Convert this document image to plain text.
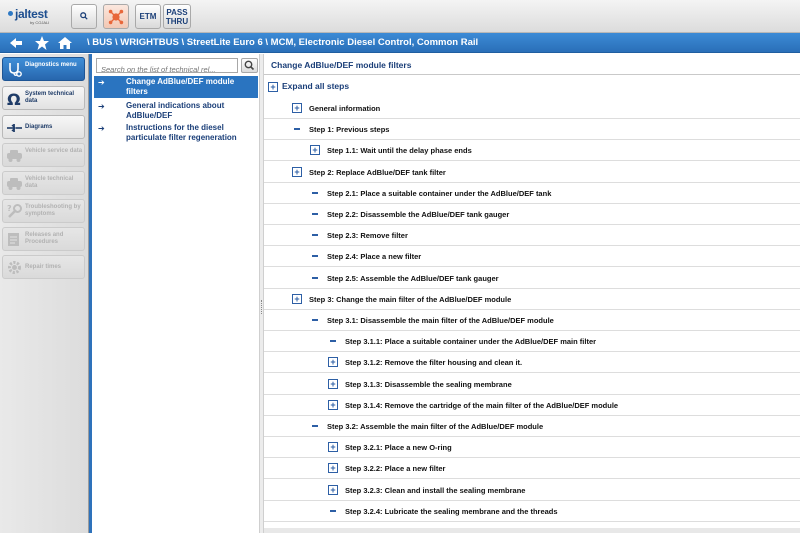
jaltest
by COJALI
ETM	PASS
THRU
\ BUS \ WRIGHTBUS \ StreetLite Euro 6 \ MCM, Electronic Diesel Control, Common Rail
Diagnostics menu
Ω System technical data
Diagrams
Vehicle service data
Vehicle technical data
? Troubleshooting by symptoms
Releases and Procedures
Repair times
Search on the list of technical rel...
➔	Change AdBlue/DEF module filters
➔	General indications about AdBlue/DEF
➔	Instructions for the diesel particulate filter regeneration
Change AdBlue/DEF module filters
+ Expand all steps
+	General information
Step 1: Previous steps
+	Step 1.1: Wait until the delay phase ends
+	Step 2: Replace AdBlue/DEF tank filter
Step 2.1: Place a suitable container under the AdBlue/DEF tank
Step 2.2: Disassemble the AdBlue/DEF tank gauger
Step 2.3: Remove filter
Step 2.4: Place a new filter
Step 2.5: Assemble the AdBlue/DEF tank gauger
+	Step 3: Change the main filter of the AdBlue/DEF module
Step 3.1: Disassemble the main filter of the AdBlue/DEF module
Step 3.1.1: Place a suitable container under the AdBlue/DEF main filter
+	Step 3.1.2: Remove the filter housing and clean it.
+	Step 3.1.3: Disassemble the sealing membrane
+	Step 3.1.4: Remove the cartridge of the main filter of the AdBlue/DEF module
Step 3.2: Assemble the main filter of the AdBlue/DEF module
+	Step 3.2.1: Place a new O-ring
+	Step 3.2.2: Place a new filter
+	Step 3.2.3: Clean and install the sealing membrane
Step 3.2.4: Lubricate the sealing membrane and the threads
